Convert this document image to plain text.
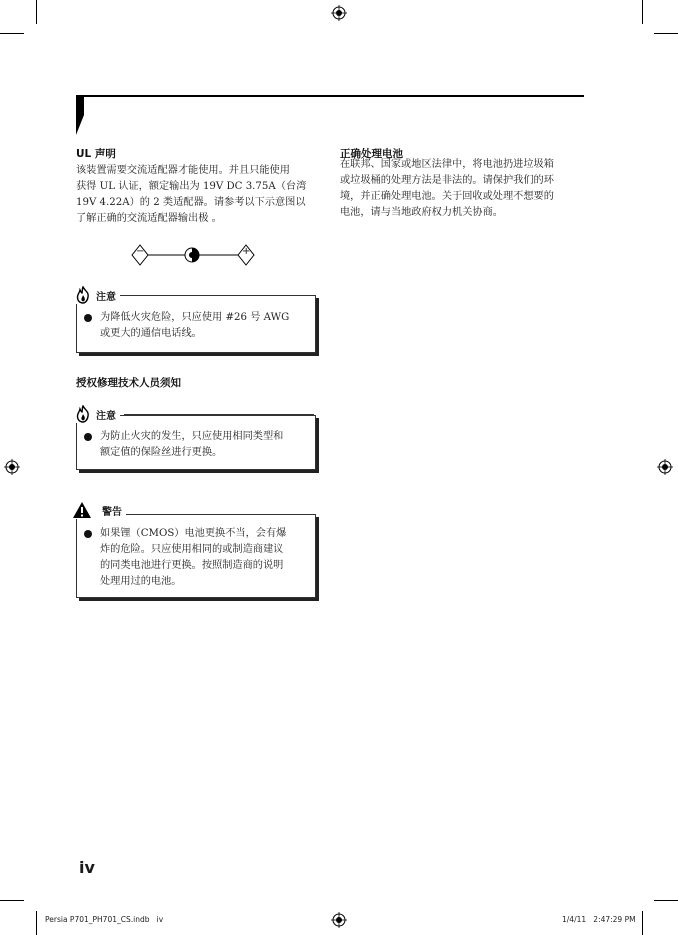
UL 声明
该装置需要交流适配器才能使用。并且只能使用
获得 UL 认证，额定输出为 19V DC 3.75A（台湾
19V 4.22A）的 2 类适配器。请参考以下示意图以
了解正确的交流适配器输出极 。
−	+
注意
为降低火灾危险，只应使用 #26 号 AWG
或更大的通信电话线。
授权修理技术人员须知
注意
为防止火灾的发生，只应使用相同类型和
额定值的保险丝进行更换。
警告
如果锂（CMOS）电池更换不当，会有爆
炸的危险。只应使用相同的或制造商建议
的同类电池进行更换。按照制造商的说明
处理用过的电池。
正确处理电池
在联邦、国家或地区法律中，将电池扔进垃圾箱
或垃圾桶的处理方法是非法的。请保护我们的环
境，并正确处理电池。关于回收或处理不想要的
电池，请与当地政府权力机关协商。
iv
Persia P701_PH701_CS.indb   iv	1/4/11   2:47:29 PM
